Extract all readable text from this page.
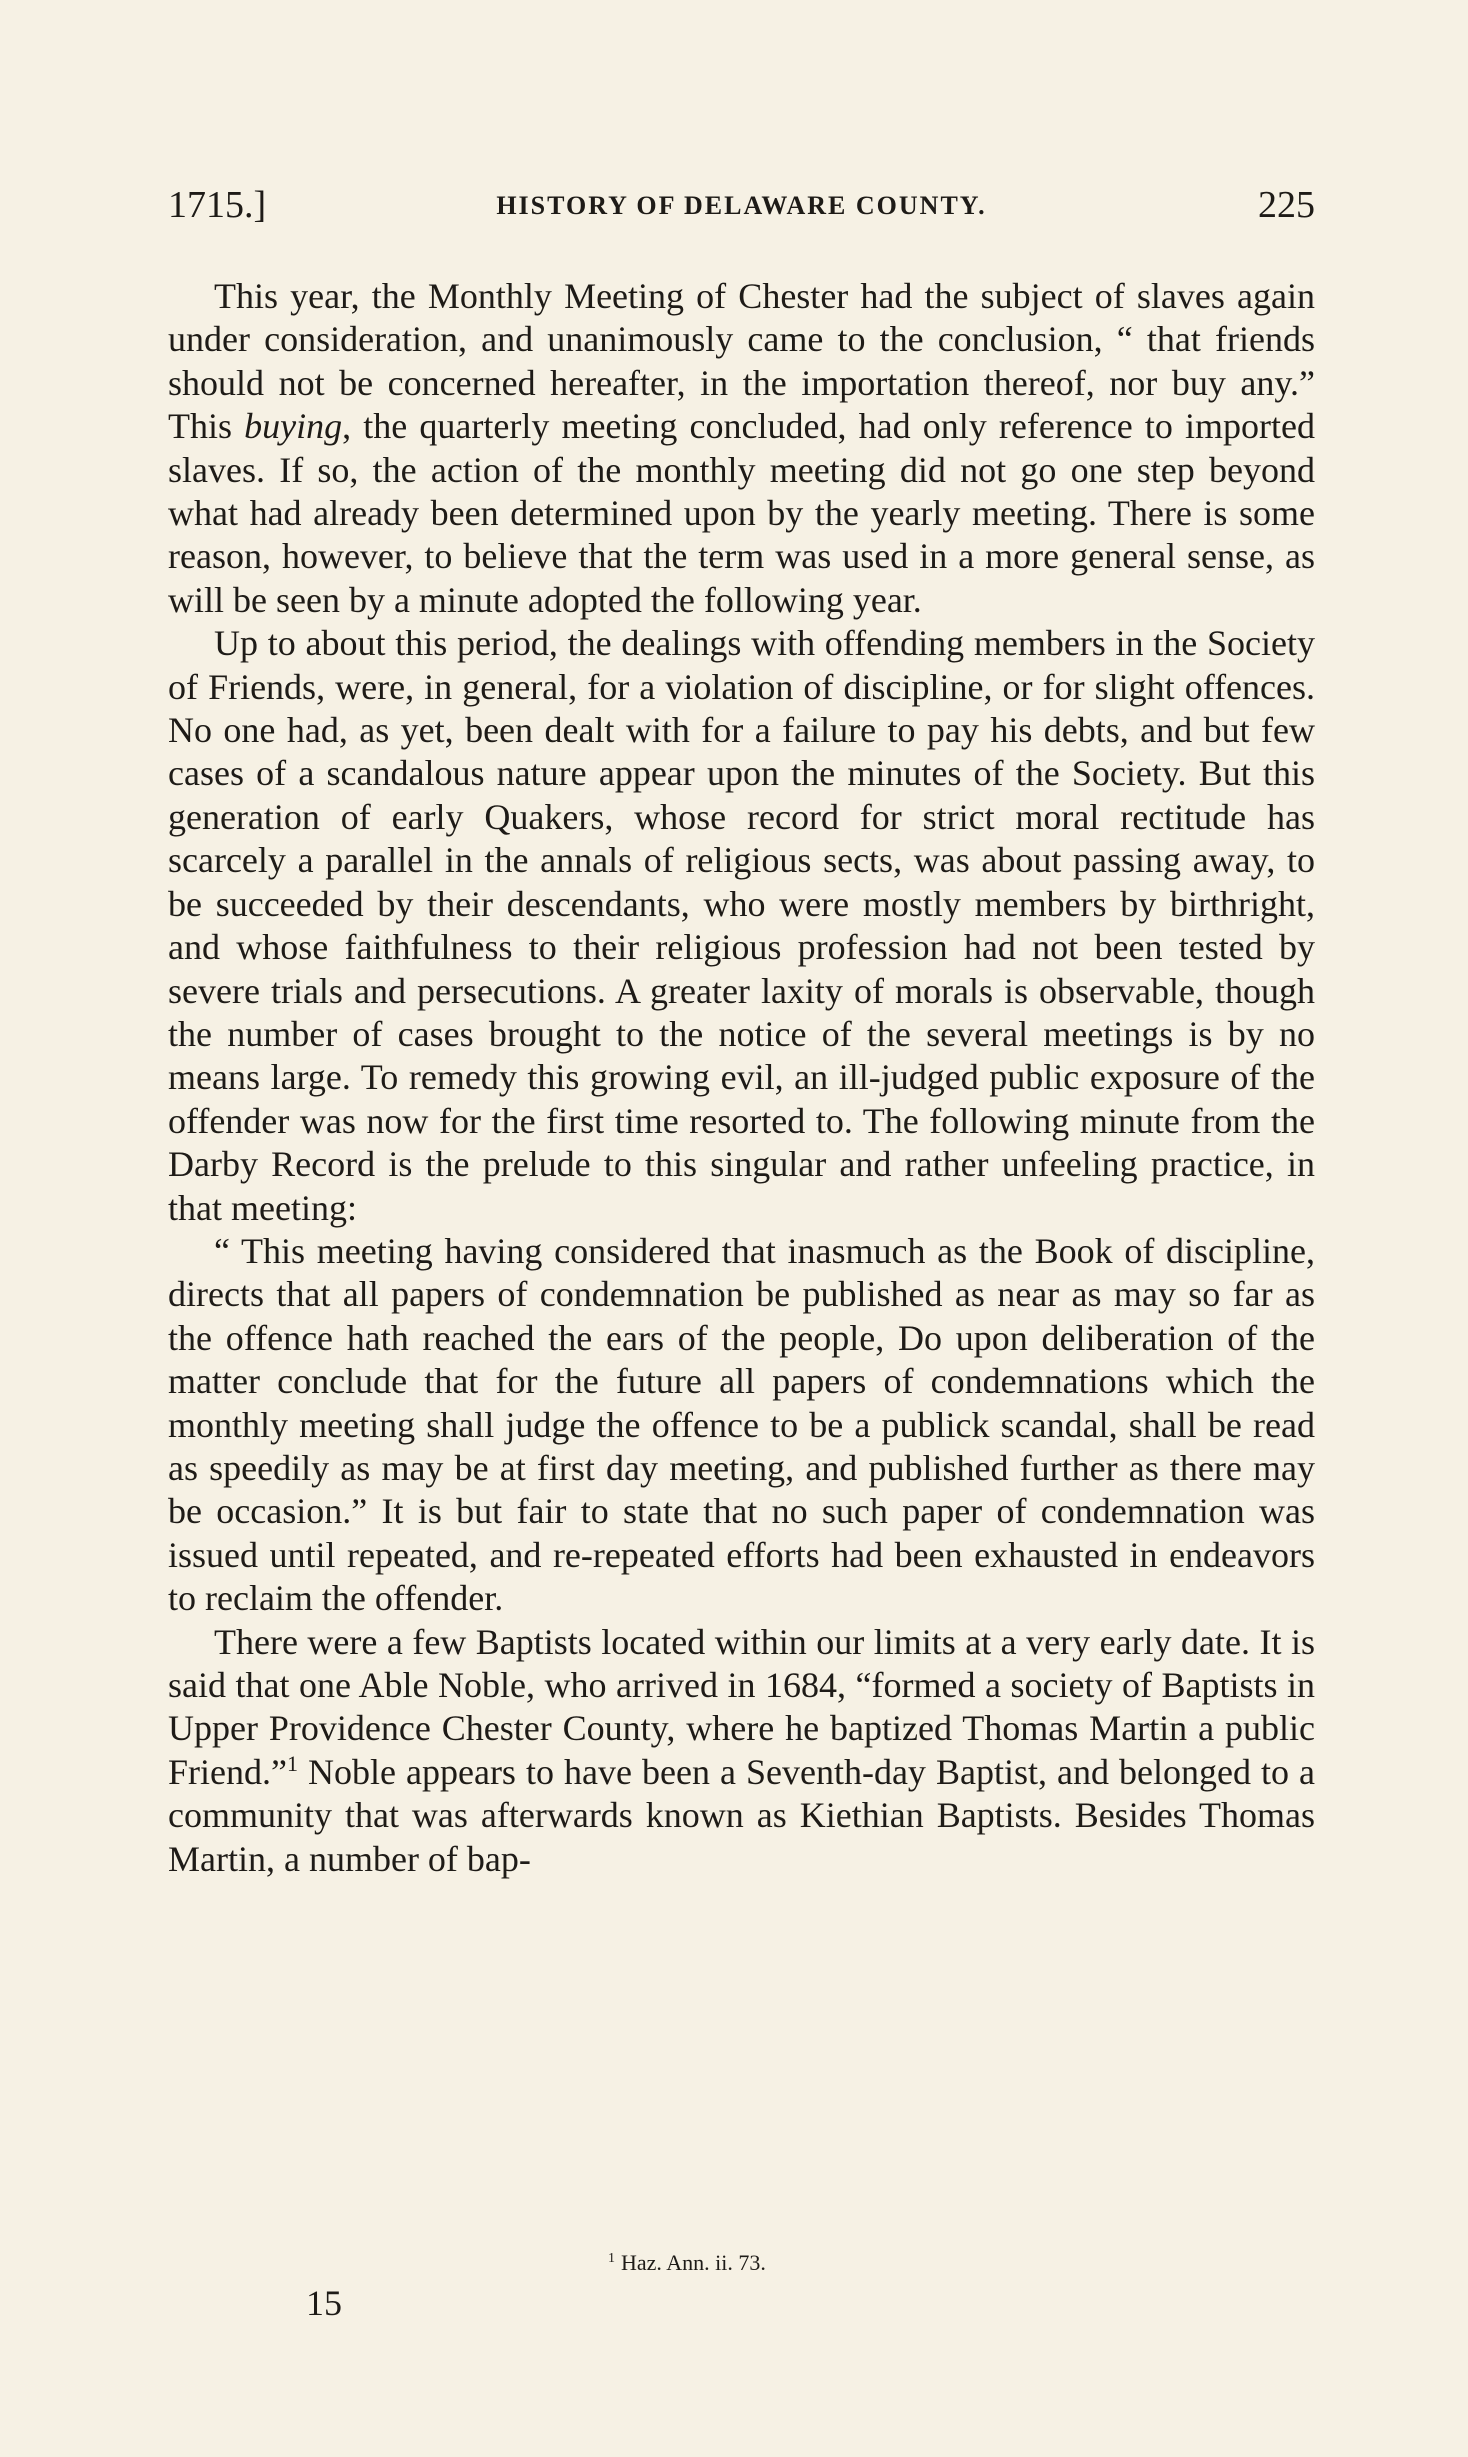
1715.]	HISTORY OF DELAWARE COUNTY.	225

This year, the Monthly Meeting of Chester had the subject of slaves again under consideration, and unanimously came to the conclusion, “ that friends should not be concerned hereafter, in the importation thereof, nor buy any.” This buying, the quarterly meeting concluded, had only reference to imported slaves. If so, the action of the monthly meeting did not go one step beyond what had already been determined upon by the yearly meeting. There is some reason, however, to believe that the term was used in a more general sense, as will be seen by a minute adopted the following year.

Up to about this period, the dealings with offending members in the Society of Friends, were, in general, for a violation of discipline, or for slight offences. No one had, as yet, been dealt with for a failure to pay his debts, and but few cases of a scandalous nature appear upon the minutes of the Society. But this generation of early Quakers, whose record for strict moral rectitude has scarcely a parallel in the annals of religious sects, was about passing away, to be succeeded by their descendants, who were mostly members by birthright, and whose faithfulness to their religious profession had not been tested by severe trials and persecutions. A greater laxity of morals is observable, though the number of cases brought to the notice of the several meetings is by no means large. To remedy this growing evil, an ill-judged public exposure of the offender was now for the first time resorted to. The following minute from the Darby Record is the prelude to this singular and rather unfeeling practice, in that meeting:

“ This meeting having considered that inasmuch as the Book of discipline, directs that all papers of condemnation be published as near as may so far as the offence hath reached the ears of the people, Do upon deliberation of the matter conclude that for the future all papers of condemnations which the monthly meeting shall judge the offence to be a publick scandal, shall be read as speedily as may be at first day meeting, and published further as there may be occasion.” It is but fair to state that no such paper of condemnation was issued until repeated, and re-repeated efforts had been exhausted in endeavors to reclaim the offender.

There were a few Baptists located within our limits at a very early date. It is said that one Able Noble, who arrived in 1684, “formed a society of Baptists in Upper Providence Chester County, where he baptized Thomas Martin a public Friend.”$^1$ Noble appears to have been a Seventh-day Baptist, and belonged to a community that was afterwards known as Kiethian Baptists. Besides Thomas Martin, a number of bap-

$^1$ Haz. Ann. ii. 73.
15
